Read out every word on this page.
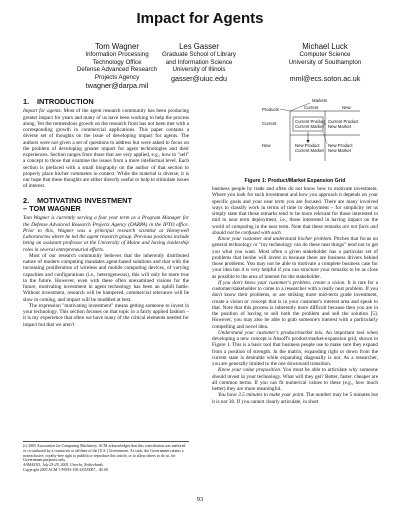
Impact for Agents
Tom Wagner
Information Processing
Technology Office
Defense Advanced Research
Projects Agency
twagner@darpa.mil
Les Gasser
Graduate School of Library
and Information Science
University of Illinois
gasser@uiuc.edu
Michael Luck
Computer Science
University of Southampton
mml@ecs.soton.ac.uk
1. INTRODUCTION

Impact for agents. Most of the agent research community has been producing greater impact for years and many of us have been working to help the process along. Yet the tremendous growth on the research front has not been met with a corresponding growth in commercial applications. This paper contains a diverse set of thoughts on the issue of developing impact for agents. The authors were not given a set of questions to address but were asked to focus on the problem of developing greater impact for agent technologies and their experiences. Section ranges from those that are very applied, e.g., how to "sell" a concept to those that examine the issues from a more intellectual level. Each section is prefaced with a small biography on the author of that section to properly place his/her comments in context. While the material is diverse, it is our hope that these thoughts are either directly useful or help to stimulate issues of interest.

2. MOTIVATING INVESTMENT
– TOM WAGNER

Tom Wagner is currently serving a four year term as a Program Manager for the Defense Advanced Research Projects Agency (DARPA) in the IPTO office. Prior to this, Wagner was a principal research scientist at Honeywell Laboratories where he led the agent research group. Previous positions include being an assistant professor at the University of Maine and having leadership roles in several entrepreneurial efforts.

Most of our research community believes that the inherently distributed nature of modern computing mandates agent-based solutions and that with the increasing proliferation of wireless and mobile computing devices, of varying capacities and configurations (i.e., heterogeneous), this will only be more true in the future. However, even with these often unexamined visions for the future, motivating investment in agent technology has been an uphill battle. Without investment, research will be hampered, commercial relevance will be slow in coming, and impact will be muddled at best.

The expression "motivating investment" means getting someone to invest in your technology. This section focuses on that topic in a fairly applied fashion – it is my experience that often we have many of the critical elements needed for impact but that we aren't

(c) 2005 Association for Computing Machinery. ACM acknowledges that this contribution was authored or co-authored by a contractor or affiliate of the [U.S.] Government. As such, the Government retains a nonexclusive, royalty-free right to publish or reproduce this article, or to allow others to do so, for Government purposes only.
AAMAS'05, July 25-29, 2005, Utrecht, Netherlands
Copyright 2005 ACM 1-59593-150-2/05/0007 ...$5.00.
Markets
Products	Current	New
Current
New
Current Product
Current Market
Current Product
New Market
New Product
Current Market
New Product
New Market
Figure 1: Product/Market Expansion Grid

business people by trade and often do not know how to motivate investment. Where you look for such investment and how you approach it depends on your specific goals and your near term you are focused. There are many involved ways to classify work in terms of time to deployment – for simplicity let us simply state that those remarks tend to be more relevant for those interested in mid to near term deployment, i.e., those interested in having impact on the world of computing in the near term. Note that these remarks are not facts and should not be confused with such.

Know your customer and understand his/her problem. Pitches that focus on general technology or "my technology can do these neat things" tend not to get you what you want. Most often a given stakeholder has a particular set of problems that he/she will invest in because there are business drivers behind those problems. You may not be able to motivate a complete business case for your idea but it is very helpful if you can structure your remarks to be as close as possible to the area of interest for the stakeholder.

If you don't know your customer's problem, create a vision. It is rare for a customer/stakeholder to come to a researcher with a really neat problem. If you don't know their problems, or are striking more mid-term grade investment, create a vision or concept that is in your customer's interest area and speak to that. Note that this process is inherently more difficult because then you are in the position of having to sell both the problem and sell the solution [5]. However, you may also be able to grab someone's interest with a particularly compelling and novel idea.

Understand your customer's product/market mix. An important tool when developing a new concept is Ansoff's product/market-expansion grid, shown in Figure 1. This is a basic tool that business people use to make sure they expand from a position of strength. In the matrix, expanding right or down from the current state is desirable while expanding diagonally is not. As a researcher, you are generally limited to the one downward transition.

Know your value proposition. You must be able to articulate why someone should invest in your technology. What will they get? Better, faster, cheaper are all common terms. If you can fit numerical values to these (e.g., how much better) they are more meaningful.

You have 3.5 minutes to make your point. The number may be 5 minutes but it is not 30. If you cannot clearly articulate, in short

93
